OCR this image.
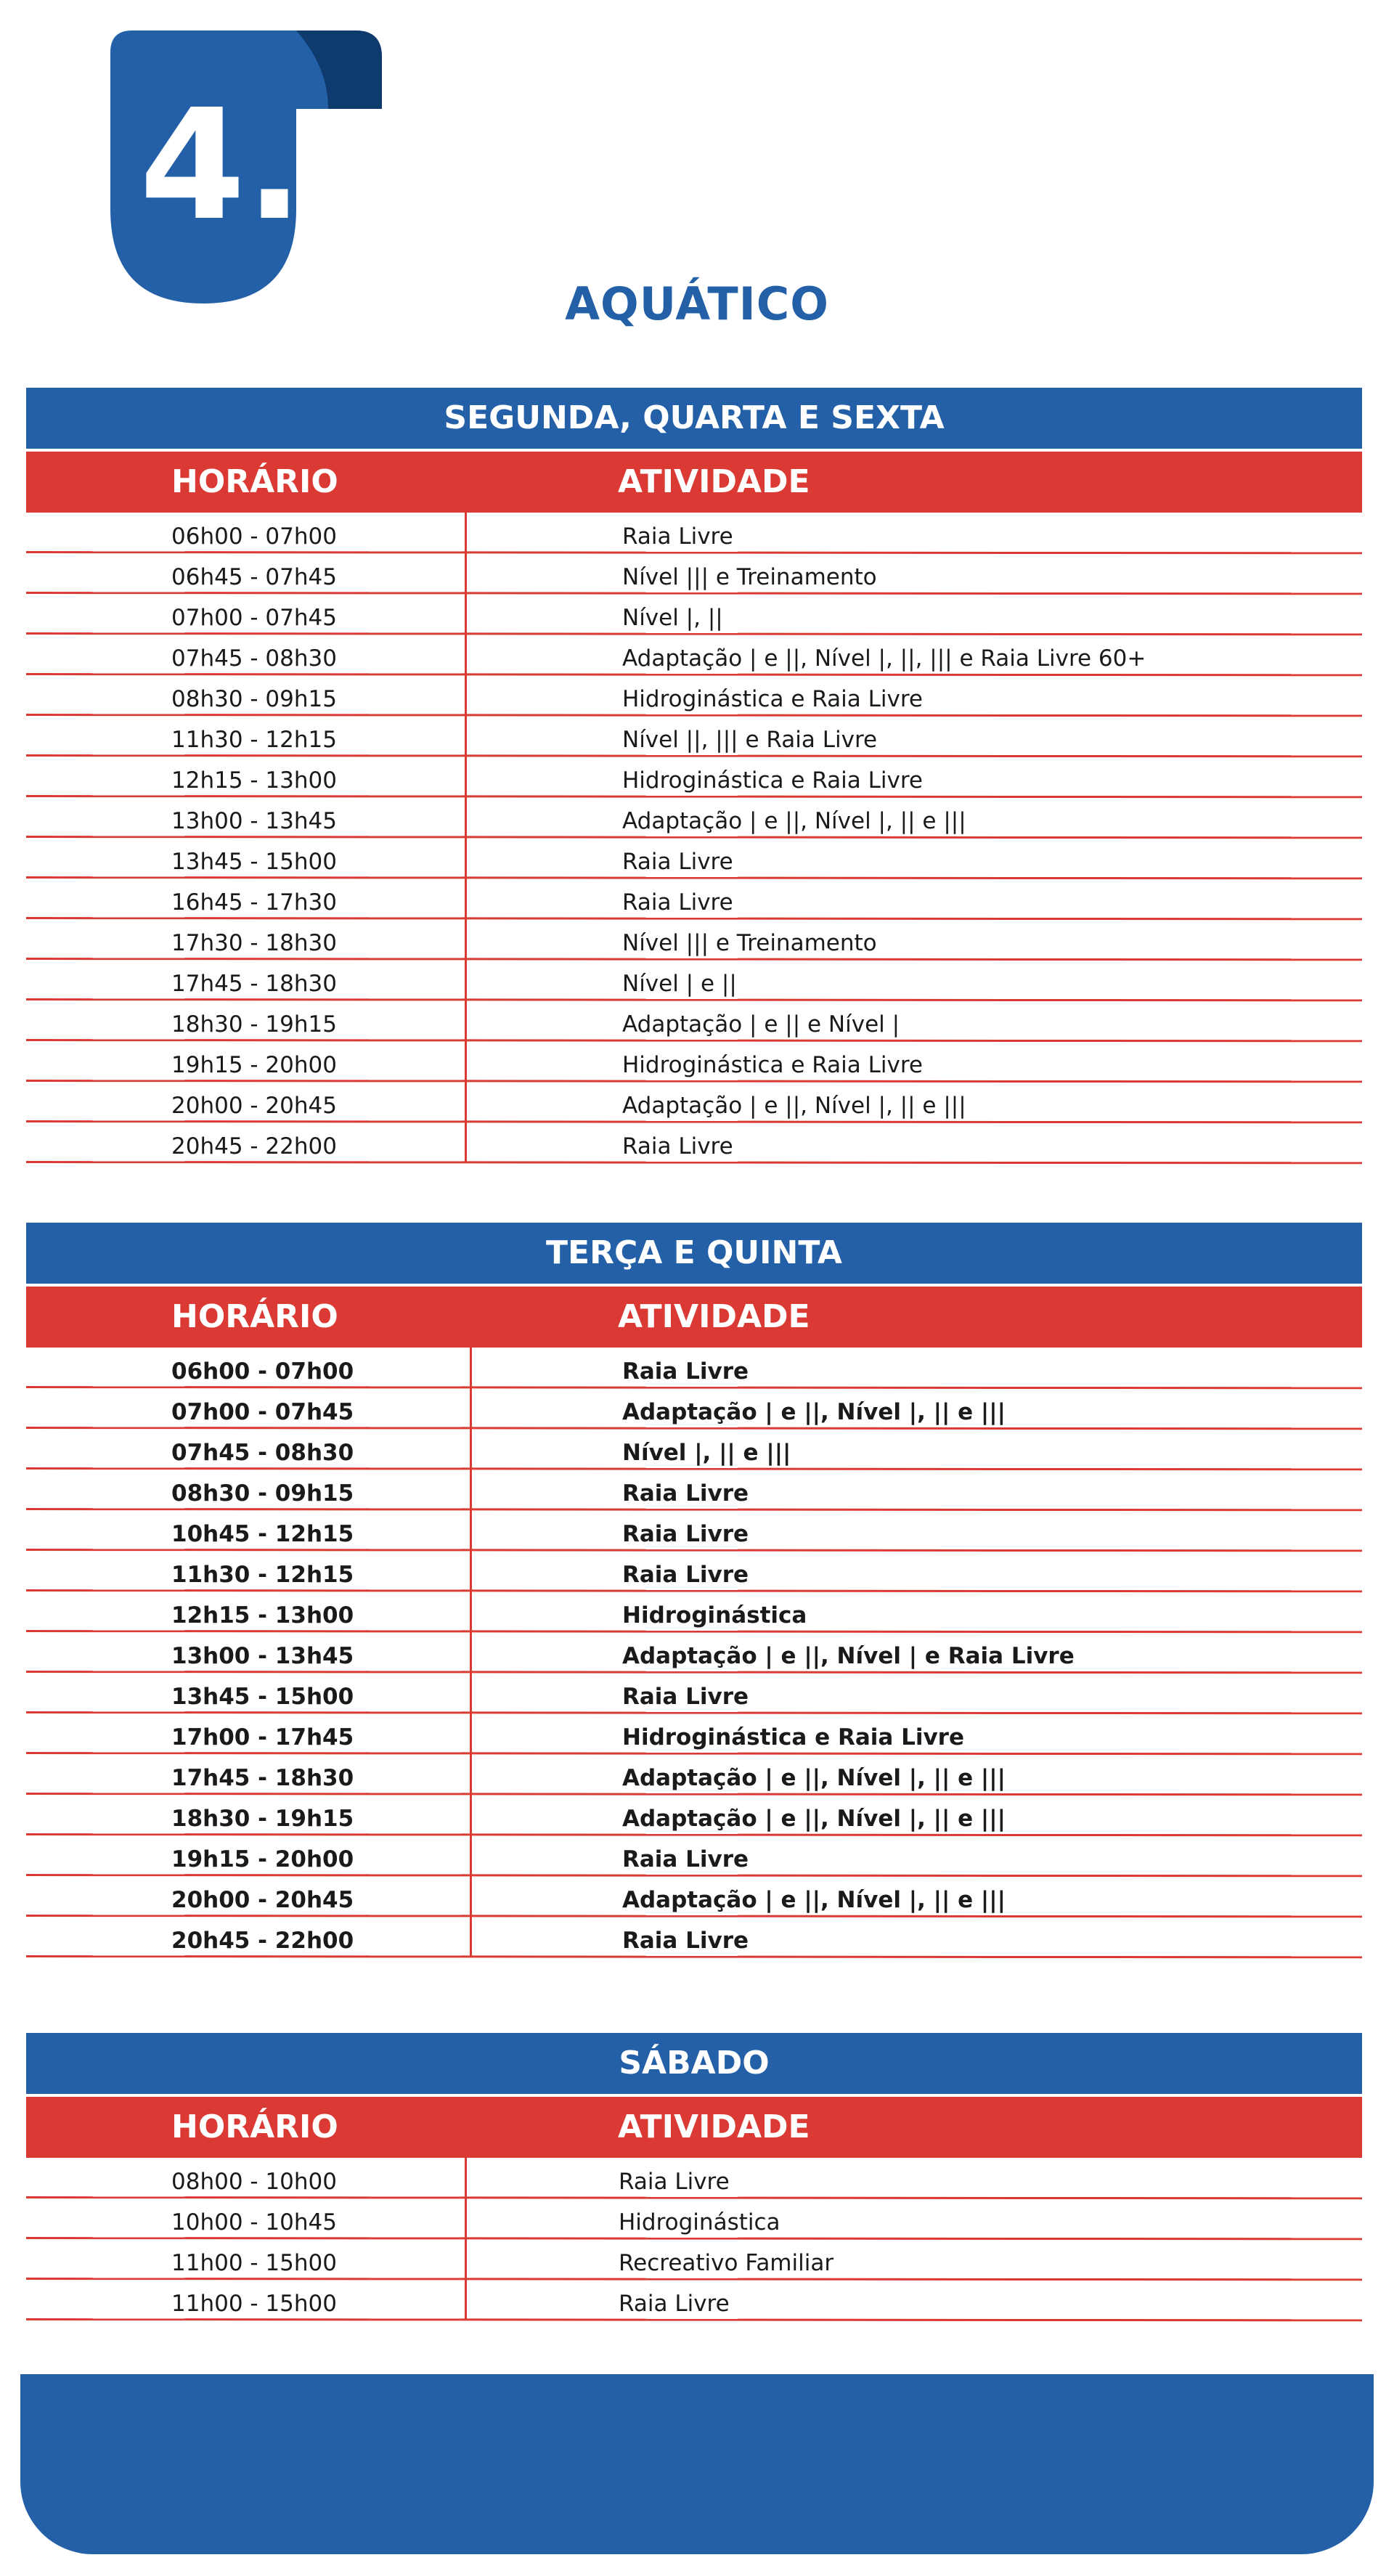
4.
AQUÁTICO
SEGUNDA, QUARTA E SEXTA
HORÁRIO	ATIVIDADE
06h00 - 07h00	Raia Livre
06h45 - 07h45	Nível ||| e Treinamento
07h00 - 07h45	Nível |, ||
07h45 - 08h30	Adaptação | e ||, Nível |, ||, ||| e Raia Livre 60+
08h30 - 09h15	Hidroginástica e Raia Livre
11h30 - 12h15	Nível ||, ||| e Raia Livre
12h15 - 13h00	Hidroginástica e Raia Livre
13h00 - 13h45	Adaptação | e ||, Nível |, || e |||
13h45 - 15h00	Raia Livre
16h45 - 17h30	Raia Livre
17h30 - 18h30	Nível ||| e Treinamento
17h45 - 18h30	Nível | e ||
18h30 - 19h15	Adaptação | e || e Nível |
19h15 - 20h00	Hidroginástica e Raia Livre
20h00 - 20h45	Adaptação | e ||, Nível |, || e |||
20h45 - 22h00	Raia Livre
TERÇA E QUINTA
HORÁRIO	ATIVIDADE
06h00 - 07h00	Raia Livre
07h00 - 07h45	Adaptação | e ||, Nível |, || e |||
07h45 - 08h30	Nível |, || e |||
08h30 - 09h15	Raia Livre
10h45 - 12h15	Raia Livre
11h30 - 12h15	Raia Livre
12h15 - 13h00	Hidroginástica
13h00 - 13h45	Adaptação | e ||, Nível | e Raia Livre
13h45 - 15h00	Raia Livre
17h00 - 17h45	Hidroginástica e Raia Livre
17h45 - 18h30	Adaptação | e ||, Nível |, || e |||
18h30 - 19h15	Adaptação | e ||, Nível |, || e |||
19h15 - 20h00	Raia Livre
20h00 - 20h45	Adaptação | e ||, Nível |, || e |||
20h45 - 22h00	Raia Livre
SÁBADO
HORÁRIO	ATIVIDADE
08h00 - 10h00	Raia Livre
10h00 - 10h45	Hidroginástica
11h00 - 15h00	Recreativo Familiar
11h00 - 15h00	Raia Livre
